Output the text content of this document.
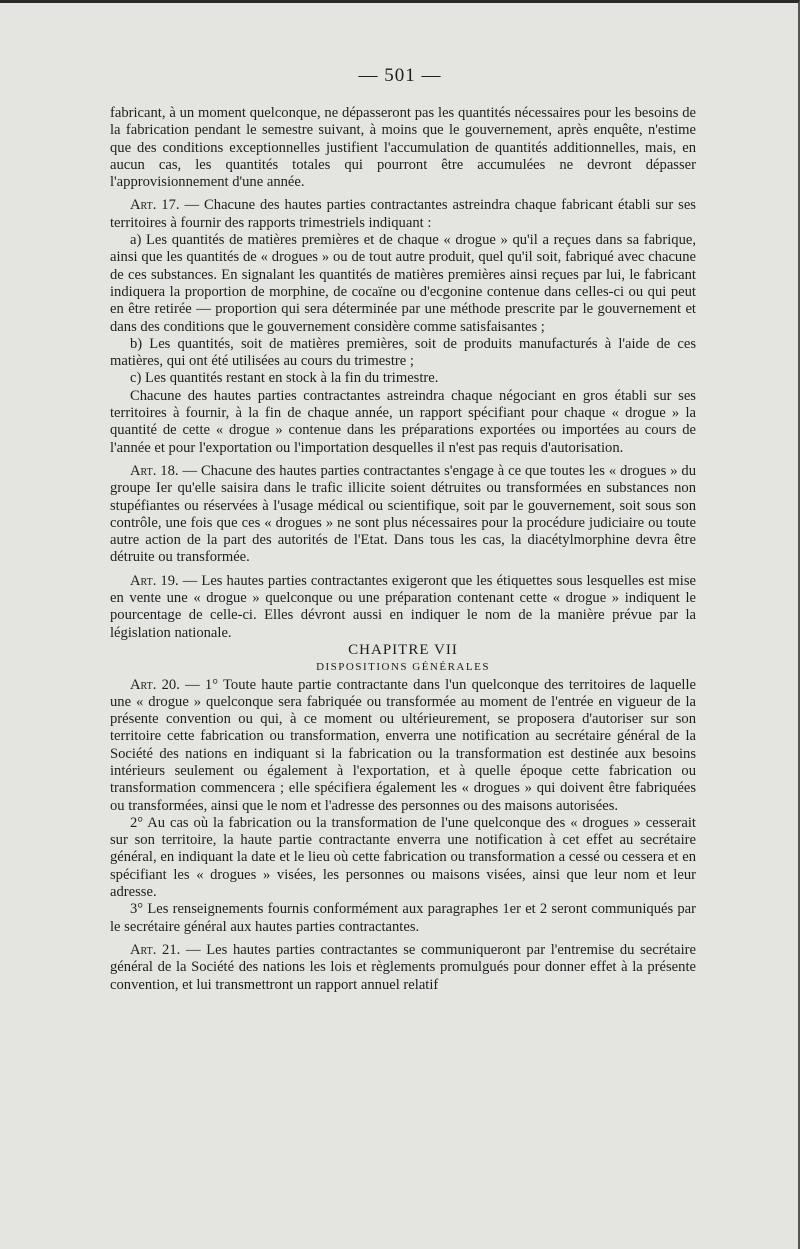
— 501 —

fabricant, à un moment quelconque, ne dépasseront pas les quantités nécessaires pour les besoins de la fabrication pendant le semestre suivant, à moins que le gouvernement, après enquête, n'estime que des conditions exceptionnelles justifient l'accumulation de quantités additionnelles, mais, en aucun cas, les quantités totales qui pourront être accumulées ne devront dépasser l'approvisionnement d'une année.

Art. 17. — Chacune des hautes parties contractantes astreindra chaque fabricant établi sur ses territoires à fournir des rapports trimestriels indiquant :

a) Les quantités de matières premières et de chaque « drogue » qu'il a reçues dans sa fabrique, ainsi que les quantités de « drogues » ou de tout autre produit, quel qu'il soit, fabriqué avec chacune de ces substances. En signalant les quantités de matières premières ainsi reçues par lui, le fabricant indiquera la proportion de morphine, de cocaïne ou d'ecgonine contenue dans celles-ci ou qui peut en être retirée — proportion qui sera déterminée par une méthode prescrite par le gouvernement et dans des conditions que le gouvernement considère comme satisfaisantes ;

b) Les quantités, soit de matières premières, soit de produits manufacturés à l'aide de ces matières, qui ont été utilisées au cours du trimestre ;

c) Les quantités restant en stock à la fin du trimestre.

Chacune des hautes parties contractantes astreindra chaque négociant en gros établi sur ses territoires à fournir, à la fin de chaque année, un rapport spécifiant pour chaque « drogue » la quantité de cette « drogue » contenue dans les préparations exportées ou importées au cours de l'année et pour l'exportation ou l'importation desquelles il n'est pas requis d'autorisation.

Art. 18. — Chacune des hautes parties contractantes s'engage à ce que toutes les « drogues » du groupe Ier qu'elle saisira dans le trafic illicite soient détruites ou transformées en substances non stupéfiantes ou réservées à l'usage médical ou scientifique, soit par le gouvernement, soit sous son contrôle, une fois que ces « drogues » ne sont plus nécessaires pour la procédure judiciaire ou toute autre action de la part des autorités de l'Etat. Dans tous les cas, la diacétylmorphine devra être détruite ou transformée.

Art. 19. — Les hautes parties contractantes exigeront que les étiquettes sous lesquelles est mise en vente une « drogue » quelconque ou une préparation contenant cette « drogue » indiquent le pourcentage de celle-ci. Elles dévront aussi en indiquer le nom de la manière prévue par la législation nationale.

CHAPITRE VII

DISPOSITIONS GÉNÉRALES

Art. 20. — 1° Toute haute partie contractante dans l'un quelconque des territoires de laquelle une « drogue » quelconque sera fabriquée ou transformée au moment de l'entrée en vigueur de la présente convention ou qui, à ce moment ou ultérieurement, se proposera d'autoriser sur son territoire cette fabrication ou transformation, enverra une notification au secrétaire général de la Société des nations en indiquant si la fabrication ou la transformation est destinée aux besoins intérieurs seulement ou également à l'exportation, et à quelle époque cette fabrication ou transformation commencera ; elle spécifiera également les « drogues » qui doivent être fabriquées ou transformées, ainsi que le nom et l'adresse des personnes ou des maisons autorisées.

2° Au cas où la fabrication ou la transformation de l'une quelconque des « drogues » cesserait sur son territoire, la haute partie contractante enverra une notification à cet effet au secrétaire général, en indiquant la date et le lieu où cette fabrication ou transformation a cessé ou cessera et en spécifiant les « drogues » visées, les personnes ou maisons visées, ainsi que leur nom et leur adresse.

3° Les renseignements fournis conformément aux paragraphes 1er et 2 seront communiqués par le secrétaire général aux hautes parties contractantes.

Art. 21. — Les hautes parties contractantes se communiqueront par l'entremise du secrétaire général de la Société des nations les lois et règlements promulgués pour donner effet à la présente convention, et lui transmettront un rapport annuel relatif
